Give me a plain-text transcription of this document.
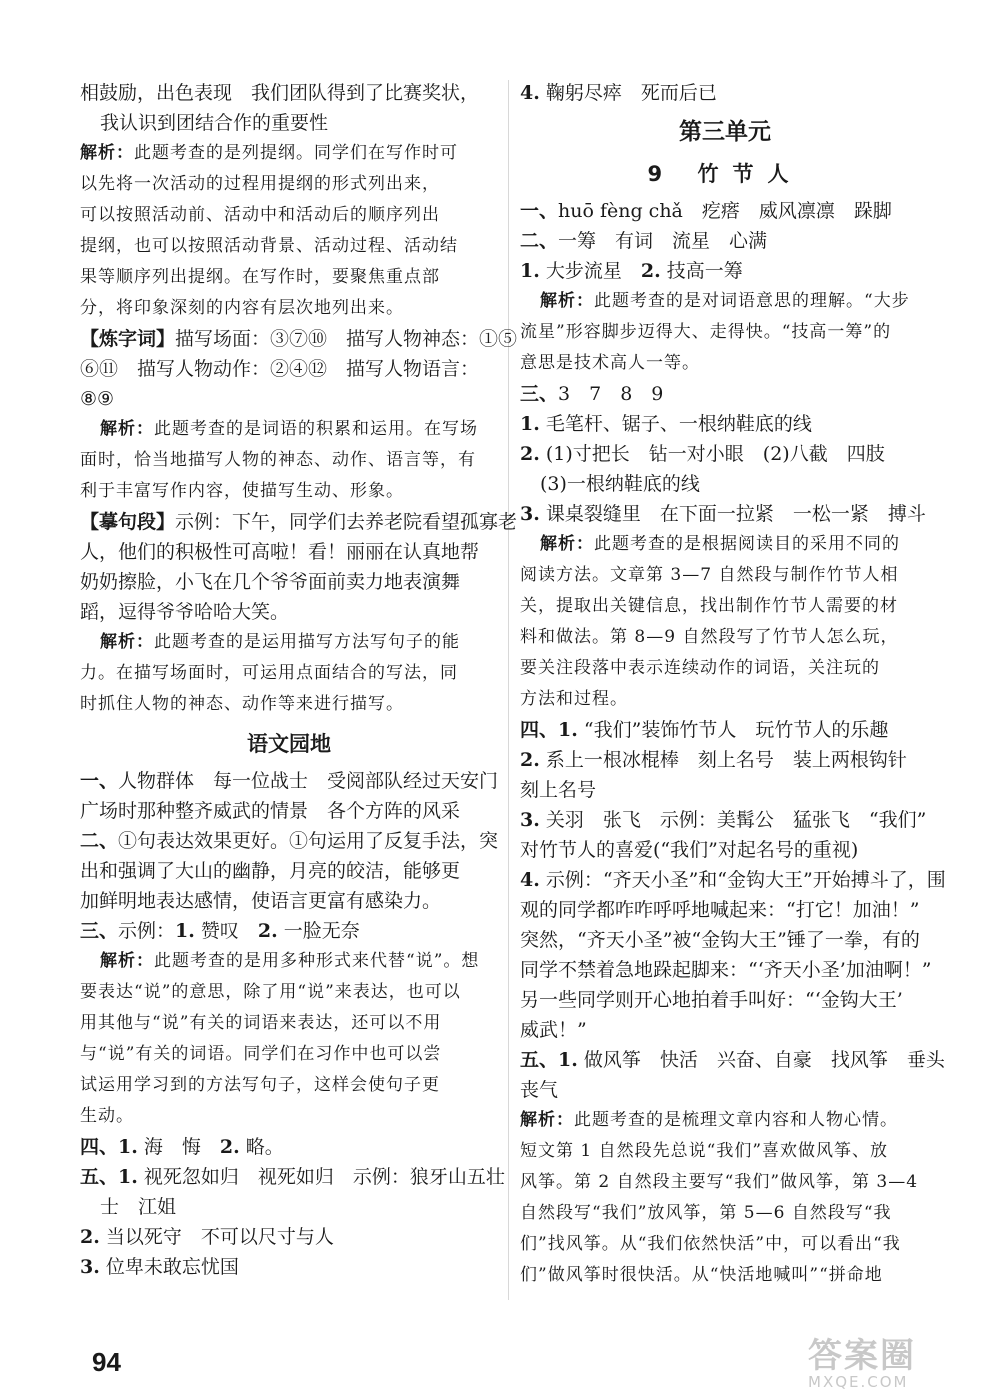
相鼓励，出色表现　我们团队得到了比赛奖状，
我认识到团结合作的重要性
解析：此题考查的是列提纲。同学们在写作时可
以先将一次活动的过程用提纲的形式列出来，
可以按照活动前、活动中和活动后的顺序列出
提纲，也可以按照活动背景、活动过程、活动结
果等顺序列出提纲。在写作时，要聚焦重点部
分，将印象深刻的内容有层次地列出来。
【炼字词】描写场面：③⑦⑩　描写人物神态：①⑤
⑥⑪　描写人物动作：②④⑫　描写人物语言：
⑧⑨
解析：此题考查的是词语的积累和运用。在写场
面时，恰当地描写人物的神态、动作、语言等，有
利于丰富写作内容，使描写生动、形象。
【摹句段】示例：下午，同学们去养老院看望孤寡老
人，他们的积极性可高啦！看！丽丽在认真地帮
奶奶擦脸，小飞在几个爷爷面前卖力地表演舞
蹈，逗得爷爷哈哈大笑。
解析：此题考查的是运用描写方法写句子的能
力。在描写场面时，可运用点面结合的写法，同
时抓住人物的神态、动作等来进行描写。
语文园地
一、人物群体　每一位战士　受阅部队经过天安门
广场时那种整齐威武的情景　各个方阵的风采
二、①句表达效果更好。①句运用了反复手法，突
出和强调了大山的幽静，月亮的皎洁，能够更
加鲜明地表达感情，使语言更富有感染力。
三、示例：1. 赞叹　2. 一脸无奈
解析：此题考查的是用多种形式来代替“说”。想
要表达“说”的意思，除了用“说”来表达，也可以
用其他与“说”有关的词语来表达，还可以不用
与“说”有关的词语。同学们在习作中也可以尝
试运用学习到的方法写句子，这样会使句子更
生动。
四、1. 海　悔　2. 略。
五、1. 视死忽如归　视死如归　示例：狼牙山五壮
士　江姐
2. 当以死守　不可以尺寸与人
3. 位卑未敢忘忧国
4. 鞠躬尽瘁　死而后已
第三单元
9 竹节人
一、huō fèng chǎ　疙瘩　威风凛凛　跺脚
二、一筹　有词　流星　心满
1. 大步流星　2. 技高一筹
解析：此题考查的是对词语意思的理解。“大步
流星”形容脚步迈得大、走得快。“技高一筹”的
意思是技术高人一等。
三、3　7　8　9
1. 毛笔杆、锯子、一根纳鞋底的线
2. (1)寸把长　钻一对小眼　(2)八截　四肢
(3)一根纳鞋底的线
3. 课桌裂缝里　在下面一拉紧　一松一紧　搏斗
解析：此题考查的是根据阅读目的采用不同的
阅读方法。文章第 3—7 自然段与制作竹节人相
关，提取出关键信息，找出制作竹节人需要的材
料和做法。第 8—9 自然段写了竹节人怎么玩，
要关注段落中表示连续动作的词语，关注玩的
方法和过程。
四、1. “我们”装饰竹节人　玩竹节人的乐趣
2. 系上一根冰棍棒　刻上名号　装上两根钩针
刻上名号
3. 关羽　张飞　示例：美髯公　猛张飞　“我们”
对竹节人的喜爱(“我们”对起名号的重视)
4. 示例：“齐天小圣”和“金钩大王”开始搏斗了，围
观的同学都咋咋呼呼地喊起来：“打它！加油！”
突然，“齐天小圣”被“金钩大王”锤了一拳，有的
同学不禁着急地跺起脚来：“‘齐天小圣’加油啊！”
另一些同学则开心地拍着手叫好：“‘金钩大王’
威武！”
五、1. 做风筝　快活　兴奋、自豪　找风筝　垂头
丧气
解析：此题考查的是梳理文章内容和人物心情。
短文第 1 自然段先总说“我们”喜欢做风筝、放
风筝。第 2 自然段主要写“我们”做风筝，第 3—4
自然段写“我们”放风筝，第 5—6 自然段写“我
们”找风筝。从“我们依然快活”中，可以看出“我
们”做风筝时很快活。从“快活地喊叫”“拼命地
94	答案圈
MXQE.COM
